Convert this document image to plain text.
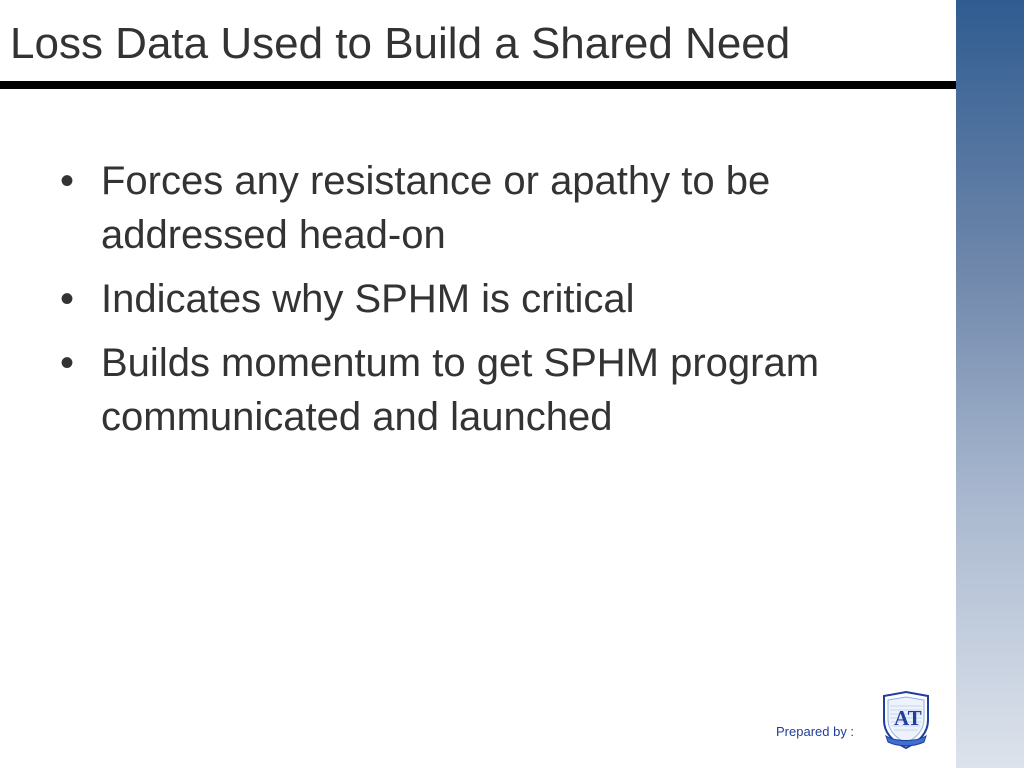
Loss Data Used to Build a Shared Need
• Forces any resistance or apathy to be addressed head-on
• Indicates why SPHM is critical
• Builds momentum to get SPHM program communicated and launched
Prepared by :
AT
